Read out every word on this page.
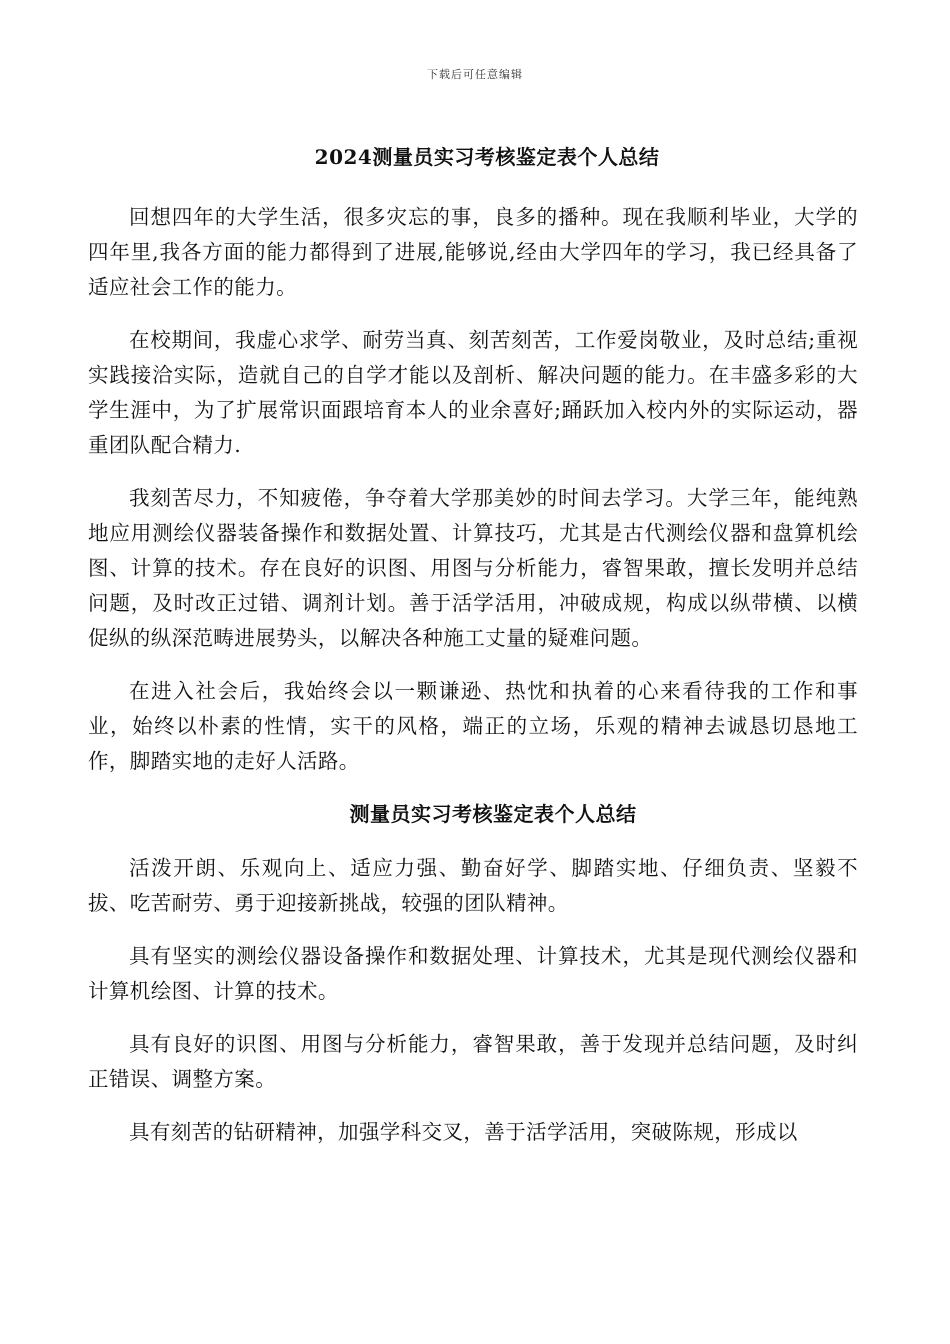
下载后可任意编辑
2024测量员实习考核鉴定表个人总结

回想四年的大学生活，很多灾忘的事，良多的播种。现在我顺利毕业，大学的四年里,我各方面的能力都得到了进展,能够说,经由大学四年的学习，我已经具备了适应社会工作的能力。

在校期间，我虚心求学、耐劳当真、刻苦刻苦，工作爱岗敬业，及时总结;重视实践接洽实际，造就自己的自学才能以及剖析、解决问题的能力。在丰盛多彩的大学生涯中，为了扩展常识面跟培育本人的业余喜好;踊跃加入校内外的实际运动，器重团队配合精力.

我刻苦尽力，不知疲倦，争夺着大学那美妙的时间去学习。大学三年，能纯熟地应用测绘仪器装备操作和数据处置、计算技巧，尤其是古代测绘仪器和盘算机绘图、计算的技术。存在良好的识图、用图与分析能力，睿智果敢，擅长发明并总结问题，及时改正过错、调剂计划。善于活学活用，冲破成规，构成以纵带横、以横促纵的纵深范畴进展势头，以解决各种施工丈量的疑难问题。

在进入社会后，我始终会以一颗谦逊、热忱和执着的心来看待我的工作和事业，始终以朴素的性情，实干的风格，端正的立场，乐观的精神去诚恳切恳地工作，脚踏实地的走好人活路。

测量员实习考核鉴定表个人总结

活泼开朗、乐观向上、适应力强、勤奋好学、脚踏实地、仔细负责、坚毅不拔、吃苦耐劳、勇于迎接新挑战，较强的团队精神。

具有坚实的测绘仪器设备操作和数据处理、计算技术，尤其是现代测绘仪器和计算机绘图、计算的技术。

具有良好的识图、用图与分析能力，睿智果敢，善于发现并总结问题，及时纠正错误、调整方案。

具有刻苦的钻研精神，加强学科交叉，善于活学活用，突破陈规，形成以
